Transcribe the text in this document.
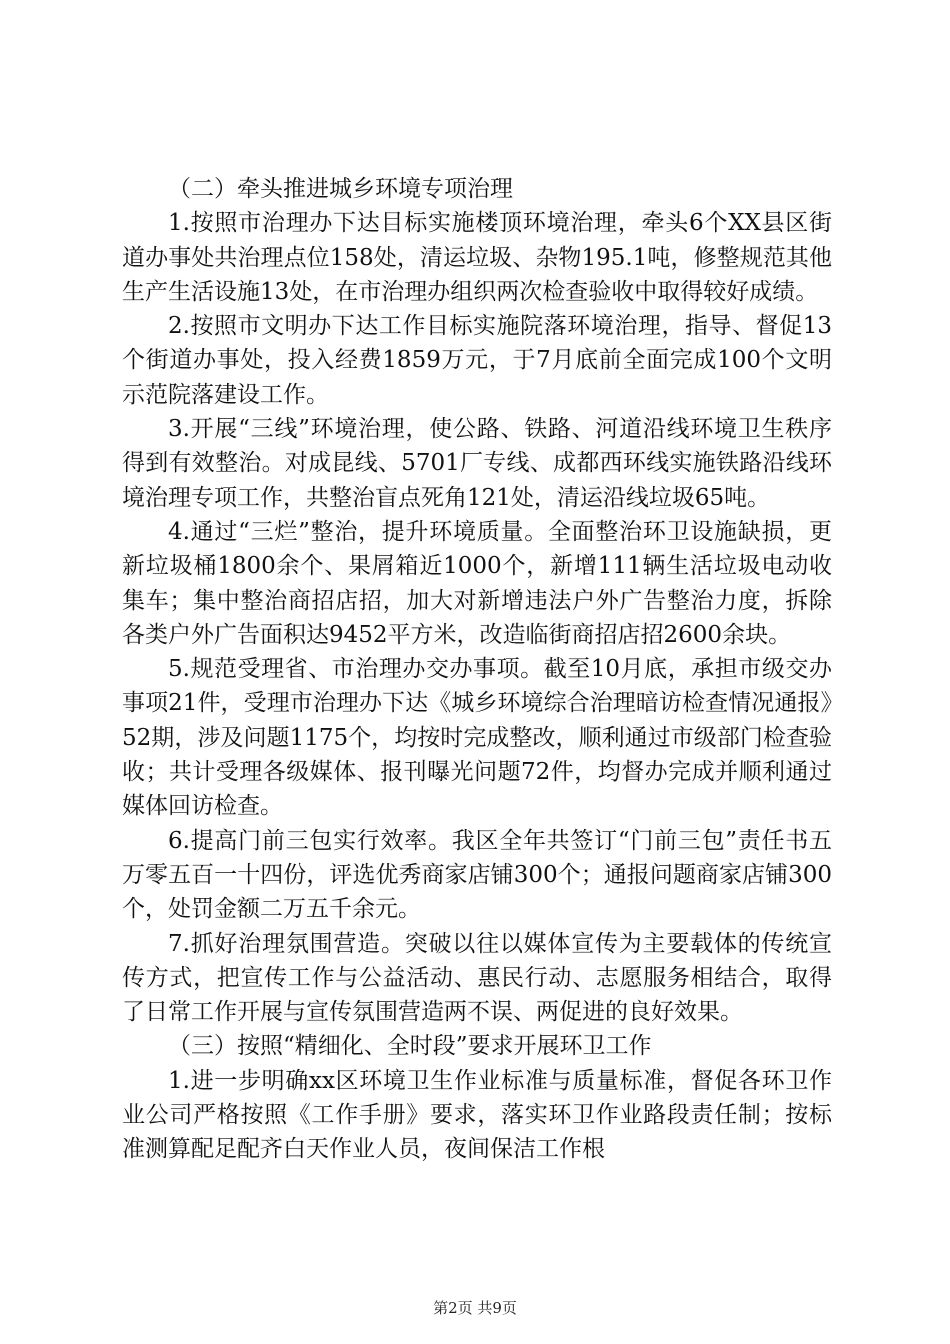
（二）牵头推进城乡环境专项治理

1.按照市治理办下达目标实施楼顶环境治理，牵头6个XX县区街道办事处共治理点位158处，清运垃圾、杂物195.1吨，修整规范其他生产生活设施13处，在市治理办组织两次检查验收中取得较好成绩。

2.按照市文明办下达工作目标实施院落环境治理，指导、督促13个街道办事处，投入经费1859万元，于7月底前全面完成100个文明示范院落建设工作。

3.开展“三线”环境治理，使公路、铁路、河道沿线环境卫生秩序得到有效整治。对成昆线、5701厂专线、成都西环线实施铁路沿线环境治理专项工作，共整治盲点死角121处，清运沿线垃圾65吨。

4.通过“三烂”整治，提升环境质量。全面整治环卫设施缺损，更新垃圾桶1800余个、果屑箱近1000个，新增111辆生活垃圾电动收集车；集中整治商招店招，加大对新增违法户外广告整治力度，拆除各类户外广告面积达9452平方米，改造临街商招店招2600余块。

5.规范受理省、市治理办交办事项。截至10月底，承担市级交办事项21件，受理市治理办下达《城乡环境综合治理暗访检查情况通报》52期，涉及问题1175个，均按时完成整改，顺利通过市级部门检查验收；共计受理各级媒体、报刊曝光问题72件，均督办完成并顺利通过媒体回访检查。

6.提高门前三包实行效率。我区全年共签订“门前三包”责任书五万零五百一十四份，评选优秀商家店铺300个；通报问题商家店铺300个，处罚金额二万五千余元。

7.抓好治理氛围营造。突破以往以媒体宣传为主要载体的传统宣传方式，把宣传工作与公益活动、惠民行动、志愿服务相结合，取得了日常工作开展与宣传氛围营造两不误、两促进的良好效果。

（三）按照“精细化、全时段”要求开展环卫工作

1.进一步明确xx区环境卫生作业标准与质量标准，督促各环卫作业公司严格按照《工作手册》要求，落实环卫作业路段责任制；按标准测算配足配齐白天作业人员，夜间保洁工作根

第2页 共9页
